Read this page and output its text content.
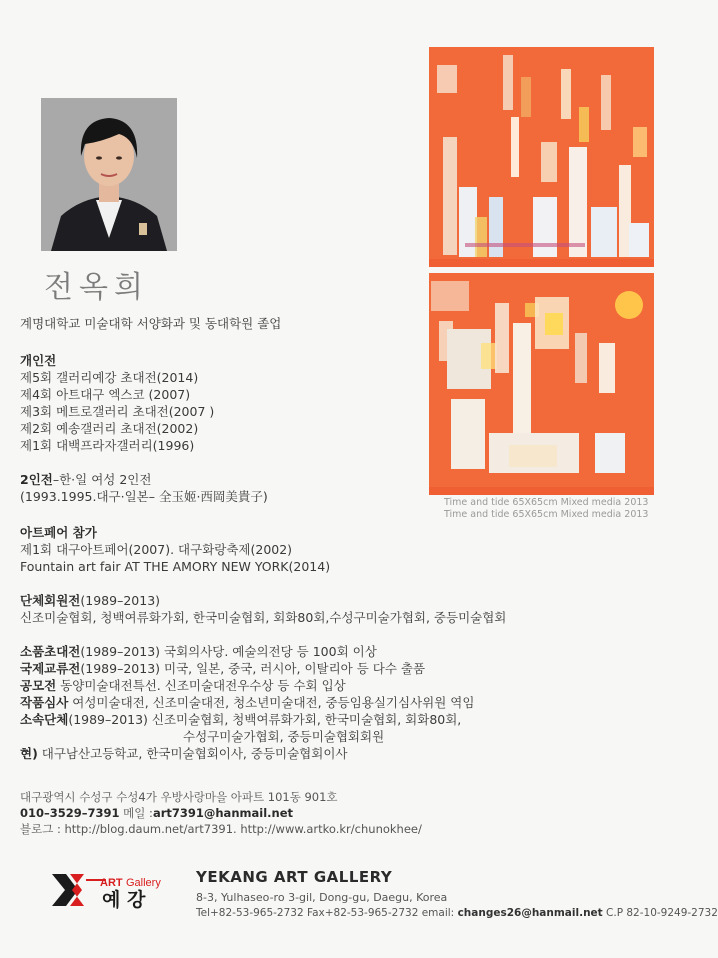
전옥희
계명대학교 미술대학 서양화과 및 동대학원 졸업
개인전
제5회 갤러리예강 초대전(2014)
제4회 아트대구 엑스코 (2007)
제3회 메트로갤러리 초대전(2007 )
제2회 예송갤러리 초대전(2002)
제1회 대백프라자갤러리(1996)
2인전–한·일 여성 2인전
(1993.1995.대구·일본– 全玉姬·西岡美貴子)
아트페어 참가
제1회 대구아트페어(2007). 대구화랑축제(2002)
Fountain art fair AT THE AMORY NEW YORK(2014)
단체회원전(1989–2013)
신조미술협회, 청백여류화가회, 한국미술협회, 회화80회,수성구미술가협회, 중등미술협회
소품초대전(1989–2013) 국회의사당. 예술의전당 등 100회 이상
국제교류전(1989–2013) 미국, 일본, 중국, 러시아, 이탈리아 등 다수 출품
공모전 동양미술대전특선. 신조미술대전우수상 등 수회 입상
작품심사 여성미술대전, 신조미술대전, 청소년미술대전, 중등임용실기심사위원 역임
소속단체(1989–2013) 신조미술협회, 청백여류화가회, 한국미술협회, 회화80회,
수성구미술가협회, 중등미술협회회원
현) 대구남산고등학교, 한국미술협회이사, 중등미술협회이사
대구광역시 수성구 수성4가 우방사랑마을 아파트 101동 901호
010–3529–7391 메일 :art7391@hanmail.net
블로그 : http://blog.daum.net/art7391. http://www.artko.kr/chunokhee/
Time and tide 65X65cm Mixed media 2013
Time and tide 65X65cm Mixed media 2013
ART Gallery
예 강
YEKANG ART GALLERY
8-3, Yulhaseo-ro 3-gil, Dong-gu, Daegu, Korea
Tel+82-53-965-2732 Fax+82-53-965-2732 email: changes26@hanmail.net C.P 82-10-9249-2732
